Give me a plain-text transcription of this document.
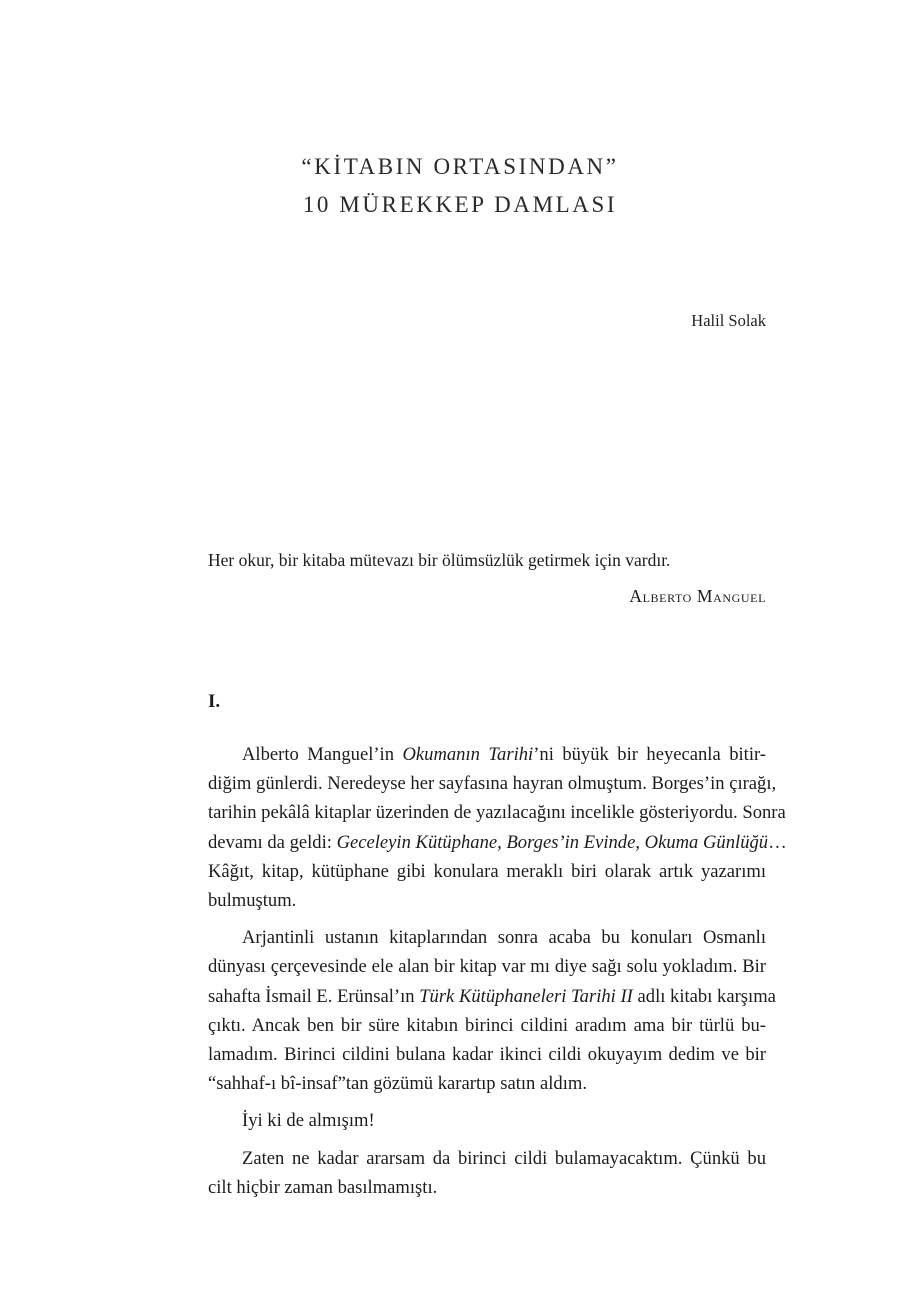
“KİTABIN ORTASINDAN”
10 MÜREKKEP DAMLASI
Halil Solak
Her okur, bir kitaba mütevazı bir ölümsüzlük getirmek için vardır.
Alberto Manguel
I.

Alberto Manguel’in Okumanın Tarihi’ni büyük bir heyecanla bitir-
diğim günlerdi. Neredeyse her sayfasına hayran olmuştum. Borges’in çırağı,
tarihin pekâlâ kitaplar üzerinden de yazılacağını incelikle gösteriyordu. Sonra
devamı da geldi: Geceleyin Kütüphane, Borges’in Evinde, Okuma Günlüğü…
Kâğıt, kitap, kütüphane gibi konulara meraklı biri olarak artık yazarımı
bulmuştum.

Arjantinli ustanın kitaplarından sonra acaba bu konuları Osmanlı
dünyası çerçevesinde ele alan bir kitap var mı diye sağı solu yokladım. Bir
sahafta İsmail E. Erünsal’ın Türk Kütüphaneleri Tarihi II adlı kitabı karşıma
çıktı. Ancak ben bir süre kitabın birinci cildini aradım ama bir türlü bu-
lamadım. Birinci cildini bulana kadar ikinci cildi okuyayım dedim ve bir
“sahhaf-ı bî-insaf”tan gözümü karartıp satın aldım.

İyi ki de almışım!

Zaten ne kadar ararsam da birinci cildi bulamayacaktım. Çünkü bu
cilt hiçbir zaman basılmamıştı.
